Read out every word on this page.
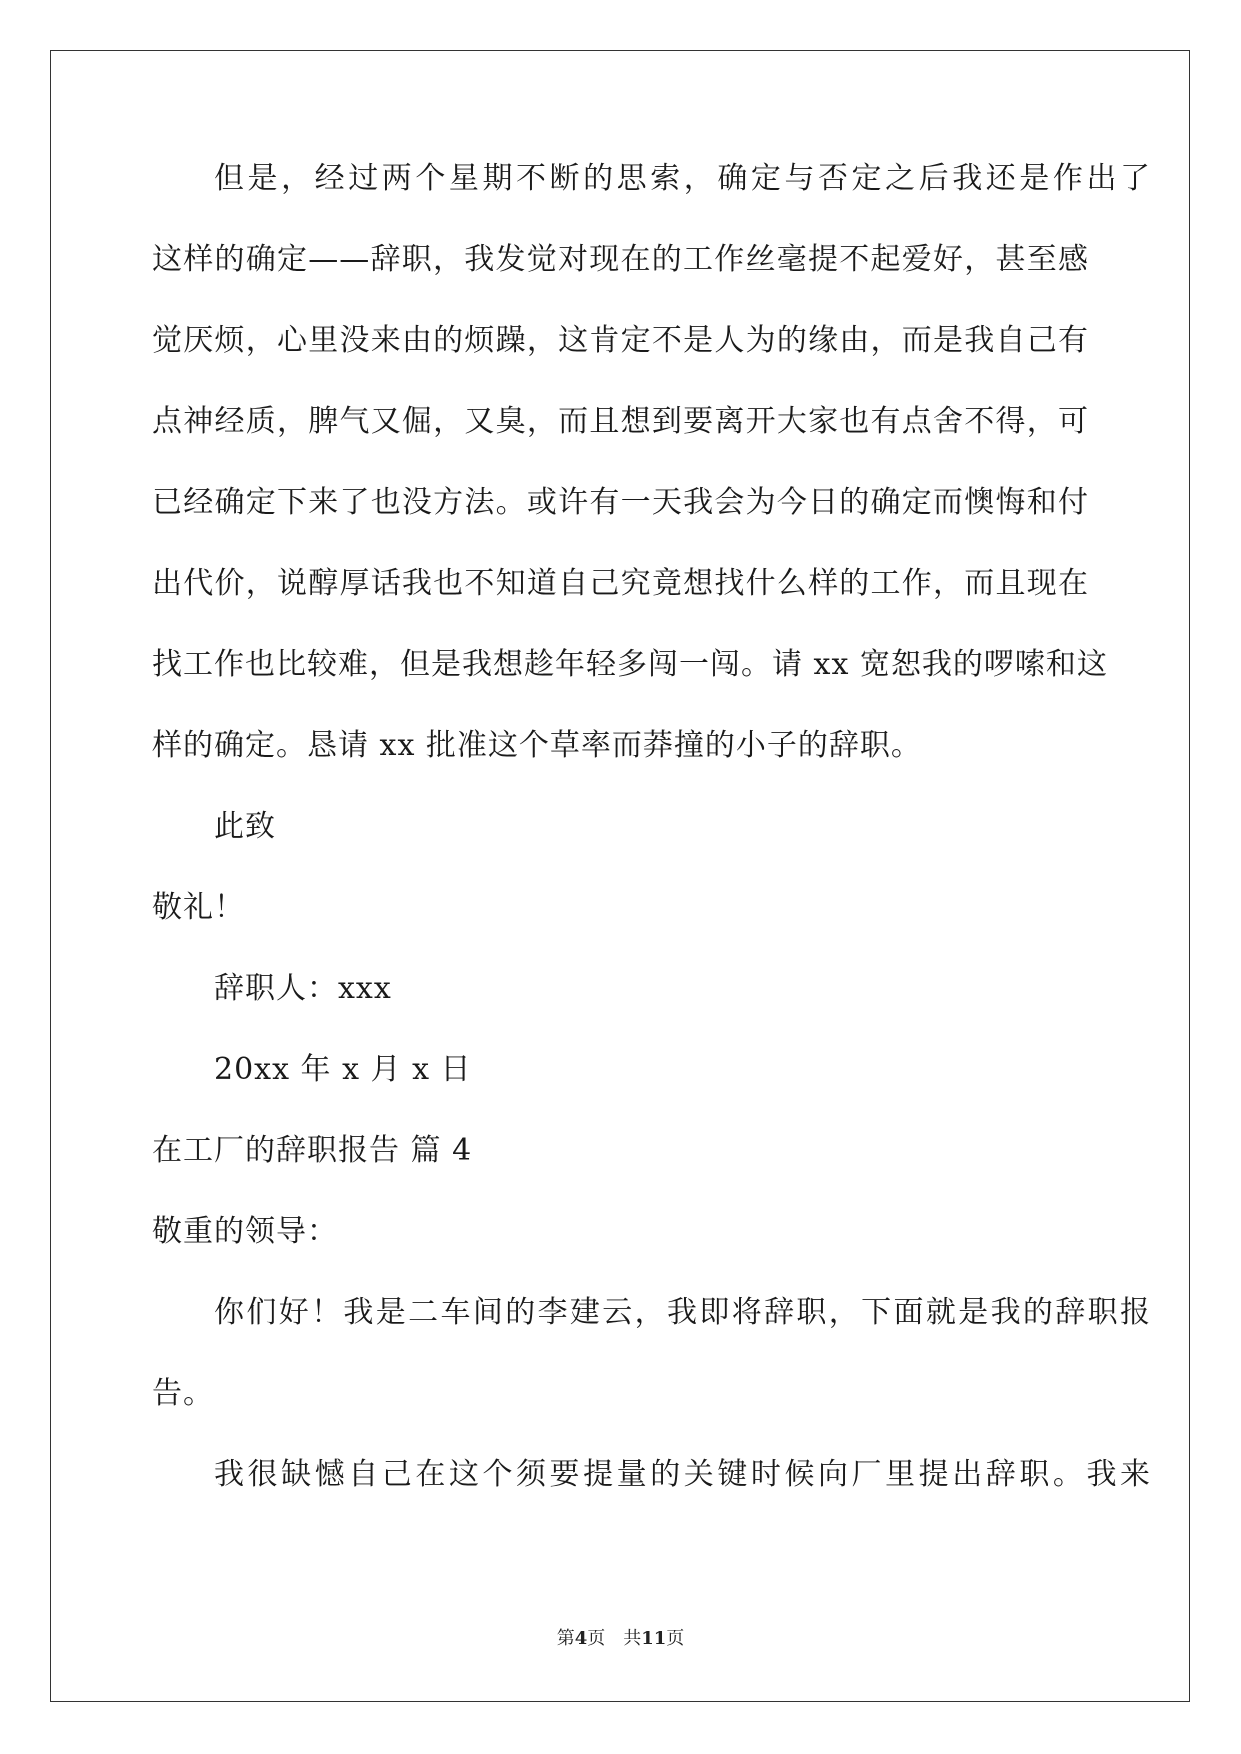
但是，经过两个星期不断的思索，确定与否定之后我还是作出了
这样的确定——辞职，我发觉对现在的工作丝毫提不起爱好，甚至感
觉厌烦，心里没来由的烦躁，这肯定不是人为的缘由，而是我自己有
点神经质，脾气又倔，又臭，而且想到要离开大家也有点舍不得，可
已经确定下来了也没方法。或许有一天我会为今日的确定而懊悔和付
出代价，说醇厚话我也不知道自己究竟想找什么样的工作，而且现在
找工作也比较难，但是我想趁年轻多闯一闯。请 xx 宽恕我的啰嗦和这
样的确定。恳请 xx 批准这个草率而莽撞的小子的辞职。
此致
敬礼！
辞职人：xxx
20xx 年 x 月 x 日
在工厂的辞职报告 篇 4
敬重的领导：
你们好！我是二车间的李建云，我即将辞职，下面就是我的辞职报
告。
我很缺憾自己在这个须要提量的关键时候向厂里提出辞职。我来
第4页 共11页
